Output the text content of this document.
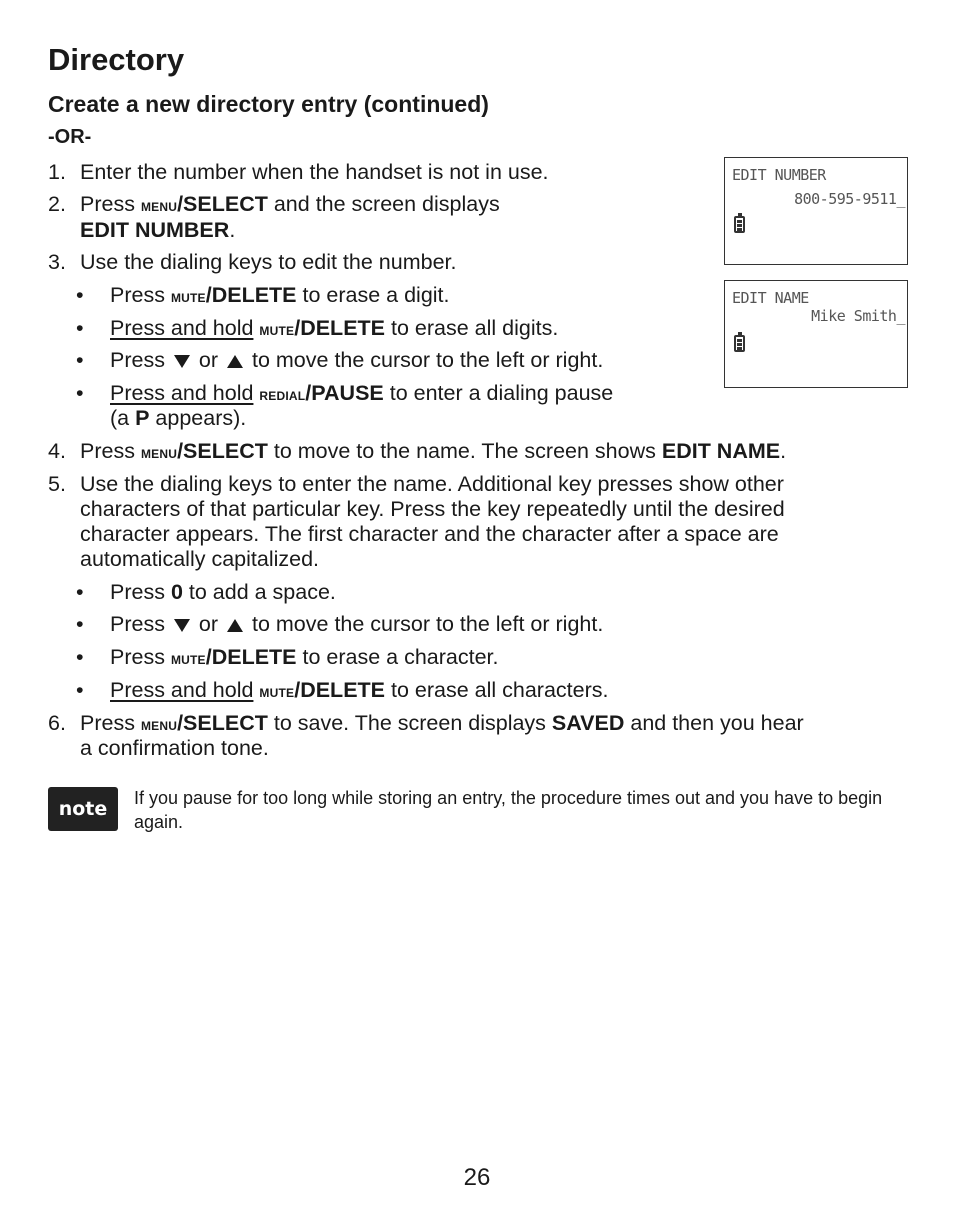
Directory
Create a new directory entry (continued)
-OR-
1. Enter the number when the handset is not in use.
2. Press menu/SELECT and the screen displays
EDIT NUMBER.
3. Use the dialing keys to edit the number.
• Press mute/DELETE to erase a digit.
• Press and hold mute/DELETE to erase all digits.
• Press  or  to move the cursor to the left or right.
• Press and hold redial/PAUSE to enter a dialing pause
(a P appears).
4. Press menu/SELECT to move to the name. The screen shows EDIT NAME.
5. Use the dialing keys to enter the name. Additional key presses show other
characters of that particular key. Press the key repeatedly until the desired
character appears. The first character and the character after a space are
automatically capitalized.
• Press 0 to add a space.
• Press  or  to move the cursor to the left or right.
• Press mute/DELETE to erase a character.
• Press and hold mute/DELETE to erase all characters.
6. Press menu/SELECT to save. The screen displays SAVED and then you hear
a confirmation tone.
EDIT NUMBER
800-595-9511_
EDIT NAME
Mike Smith_
note	If you pause for too long while storing an entry, the procedure times out and you have to begin again.
26
